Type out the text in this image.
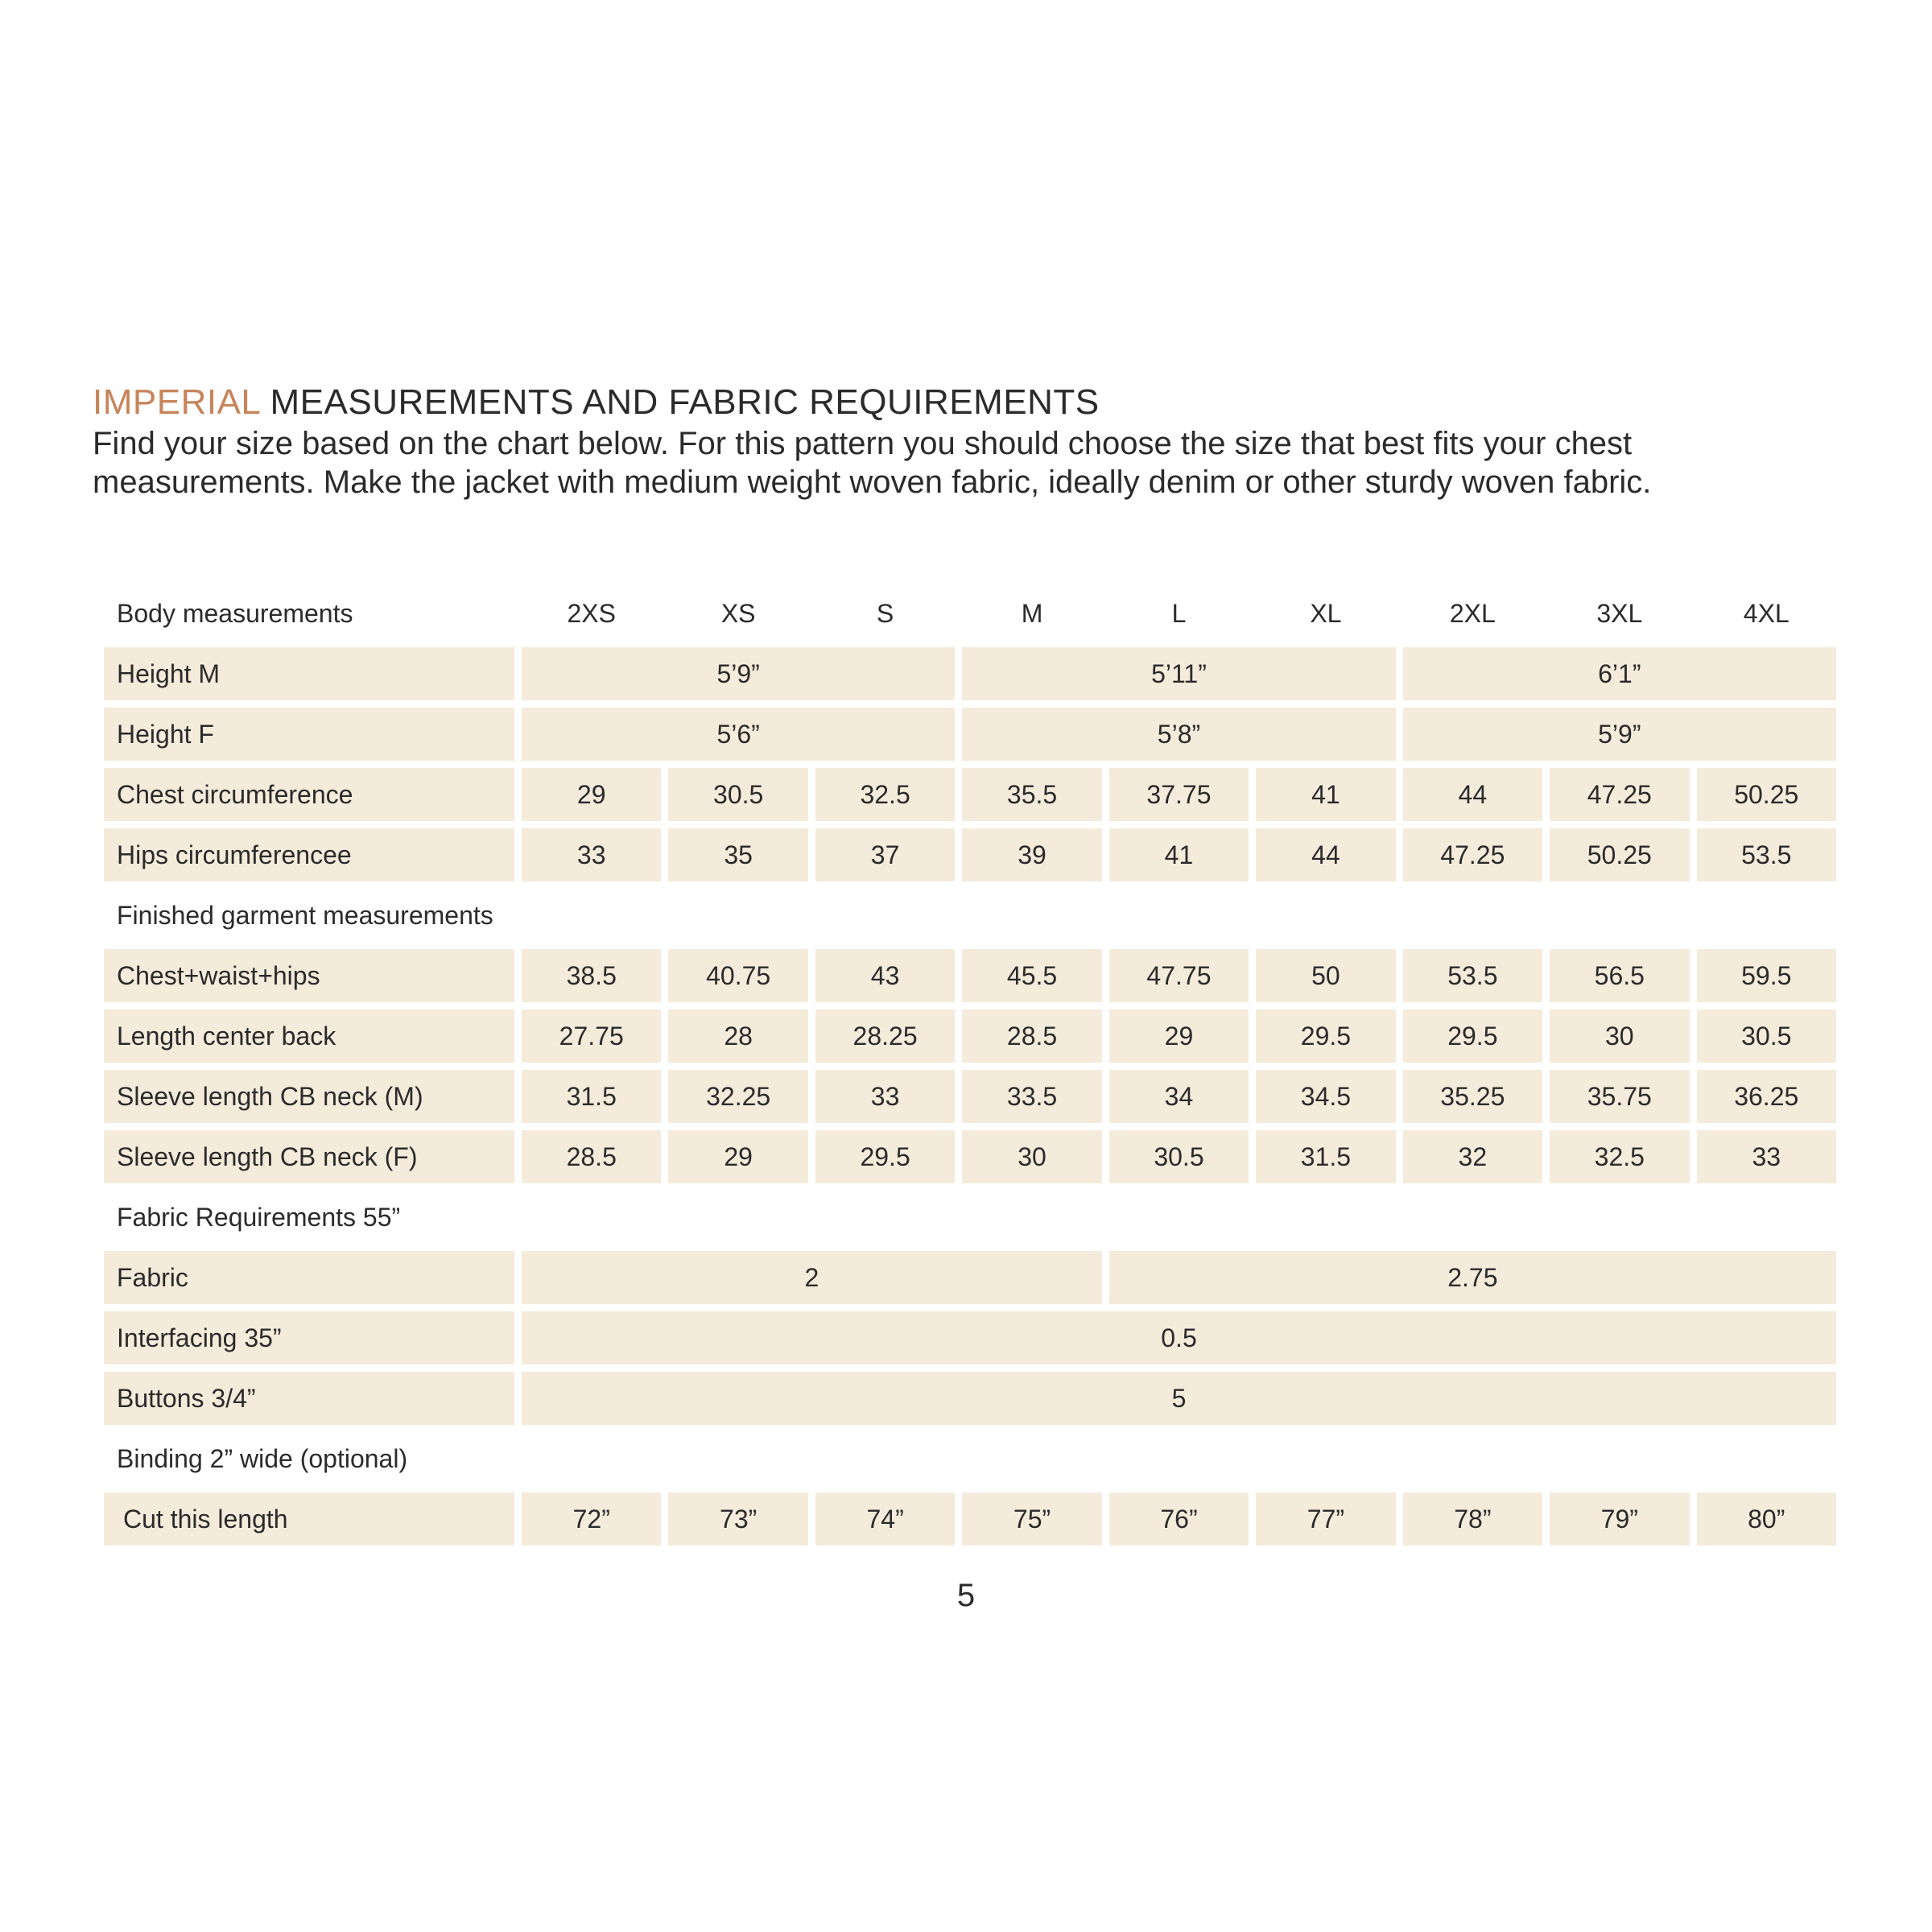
IMPERIAL MEASUREMENTS AND FABRIC REQUIREMENTS

Find your size based on the chart below. For this pattern you should choose the size that best fits your chest

measurements. Make the jacket with medium weight woven fabric, ideally denim or other sturdy woven fabric.

Body measurements	2XS	XS	S	M	L	XL	2XL	3XL	4XL
Height M	5’9”			5’11”			6’1”		
Height F	5’6”			5’8”			5’9”		
Chest circumference	29	30.5	32.5	35.5	37.75	41	44	47.25	50.25
Hips circumferencee	33	35	37	39	41	44	47.25	50.25	53.5
Finished garment measurements									
Chest+waist+hips	38.5	40.75	43	45.5	47.75	50	53.5	56.5	59.5
Length center back	27.75	28	28.25	28.5	29	29.5	29.5	30	30.5
Sleeve length CB neck (M)	31.5	32.25	33	33.5	34	34.5	35.25	35.75	36.25
Sleeve length CB neck (F)	28.5	29	29.5	30	30.5	31.5	32	32.5	33
Fabric Requirements 55”									
Fabric	2				2.75				
Interfacing 35”	0.5								
Buttons 3/4”	5								
Binding 2” wide (optional)									
Cut this length	72”	73”	74”	75”	76”	77”	78”	79”	80”
5
